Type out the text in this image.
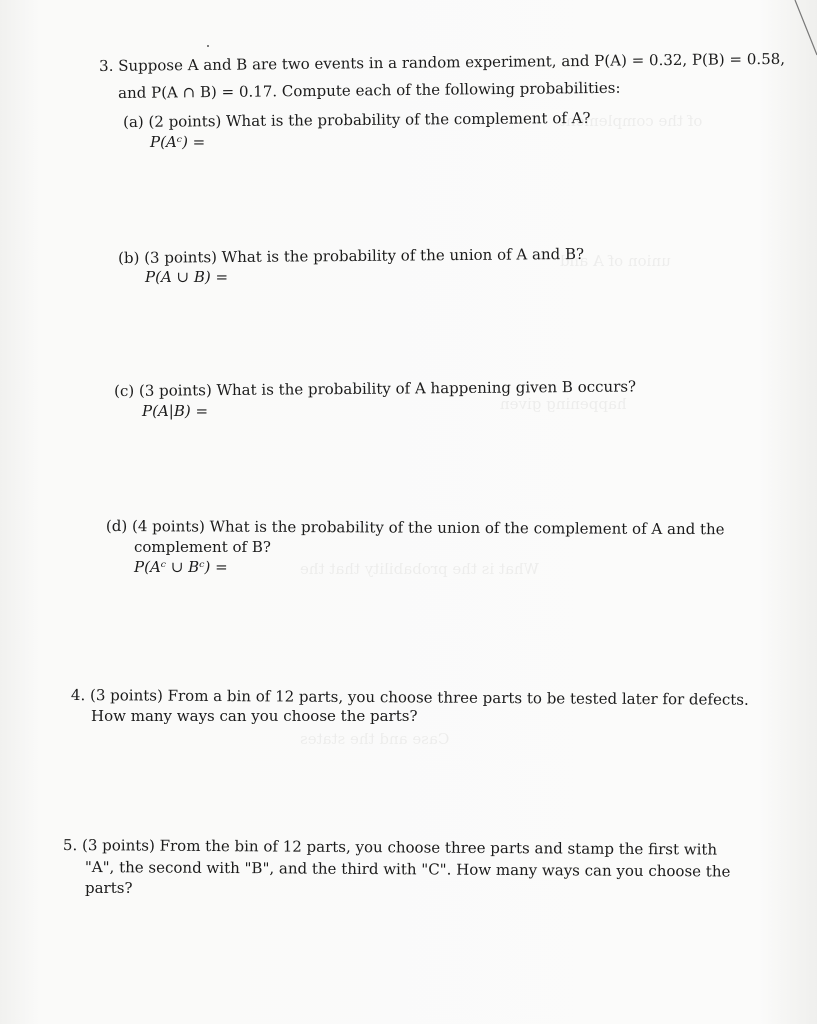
of the complement
union of A and
happening given
What is the probability that the
Case and the states
3. Suppose A and B are two events in a random experiment, and P(A) = 0.32, P(B) = 0.58,
and P(A ∩ B) = 0.17. Compute each of the following probabilities:
(a) (2 points) What is the probability of the complement of A?
P(Aᶜ) =
(b) (3 points) What is the probability of the union of A and B?
P(A ∪ B) =
(c) (3 points) What is the probability of A happening given B occurs?
P(A|B) =
(d) (4 points) What is the probability of the union of the complement of A and the
complement of B?
P(Aᶜ ∪ Bᶜ) =
4. (3 points) From a bin of 12 parts, you choose three parts to be tested later for defects.
How many ways can you choose the parts?
5. (3 points) From the bin of 12 parts, you choose three parts and stamp the first with
"A", the second with "B", and the third with "C". How many ways can you choose the
parts?
